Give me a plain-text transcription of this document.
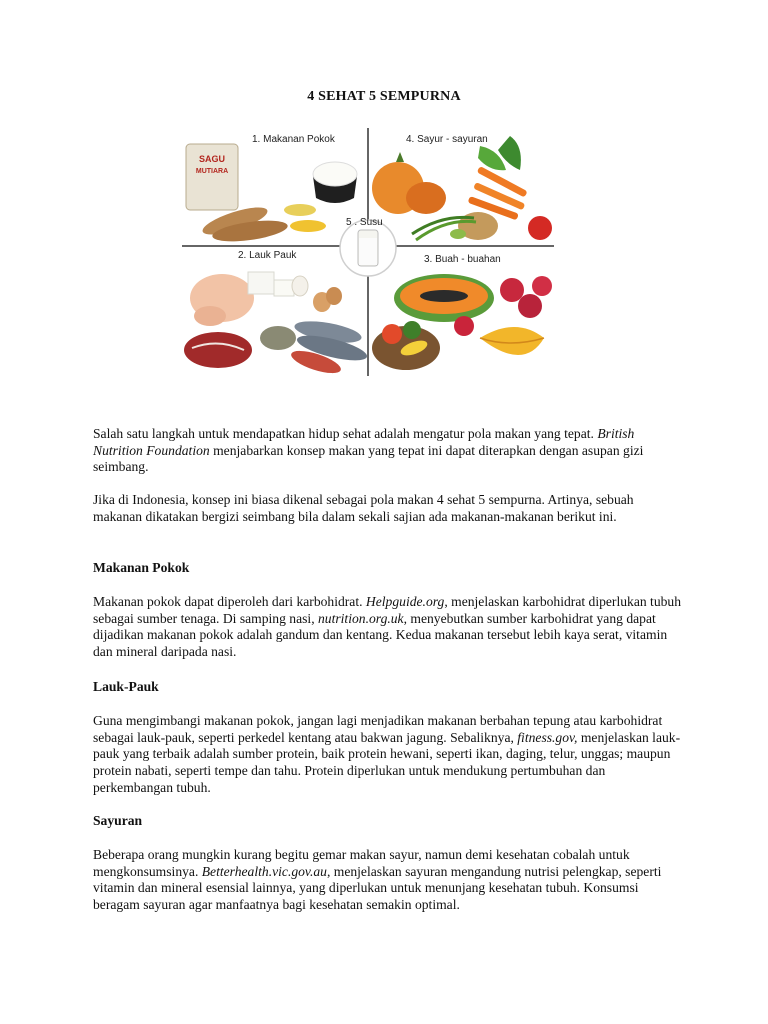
4 SEHAT 5 SEMPURNA
SAGU
MUTIARA
1. Makanan Pokok	4. Sayur - sayuran
5 . Susu
2. Lauk Pauk	3. Buah - buahan

Salah satu langkah untuk mendapatkan hidup sehat adalah mengatur pola makan yang tepat. British Nutrition Foundation menjabarkan konsep makan yang tepat ini dapat diterapkan dengan asupan gizi seimbang.

Jika di Indonesia, konsep ini biasa dikenal sebagai pola makan 4 sehat 5 sempurna. Artinya, sebuah makanan dikatakan bergizi seimbang bila dalam sekali sajian ada makanan-makanan berikut ini.

Makanan Pokok

Makanan pokok dapat diperoleh dari karbohidrat. Helpguide.org, menjelaskan karbohidrat diperlukan tubuh sebagai sumber tenaga. Di samping nasi, nutrition.org.uk, menyebutkan sumber karbohidrat yang dapat dijadikan makanan pokok adalah gandum dan kentang. Kedua makanan tersebut lebih kaya serat, vitamin dan mineral daripada nasi.

Lauk-Pauk

Guna mengimbangi makanan pokok, jangan lagi menjadikan makanan berbahan tepung atau karbohidrat sebagai lauk-pauk, seperti perkedel kentang atau bakwan jagung. Sebaliknya, fitness.gov, menjelaskan lauk-pauk yang terbaik adalah sumber protein, baik protein hewani, seperti ikan, daging, telur, unggas; maupun protein nabati, seperti tempe dan tahu. Protein diperlukan untuk mendukung pertumbuhan dan perkembangan tubuh.

Sayuran

Beberapa orang mungkin kurang begitu gemar makan sayur, namun demi kesehatan cobalah untuk mengkonsumsinya. Betterhealth.vic.gov.au, menjelaskan sayuran mengandung nutrisi pelengkap, seperti vitamin dan mineral esensial lainnya, yang diperlukan untuk menunjang kesehatan tubuh. Konsumsi beragam sayuran agar manfaatnya bagi kesehatan semakin optimal.
